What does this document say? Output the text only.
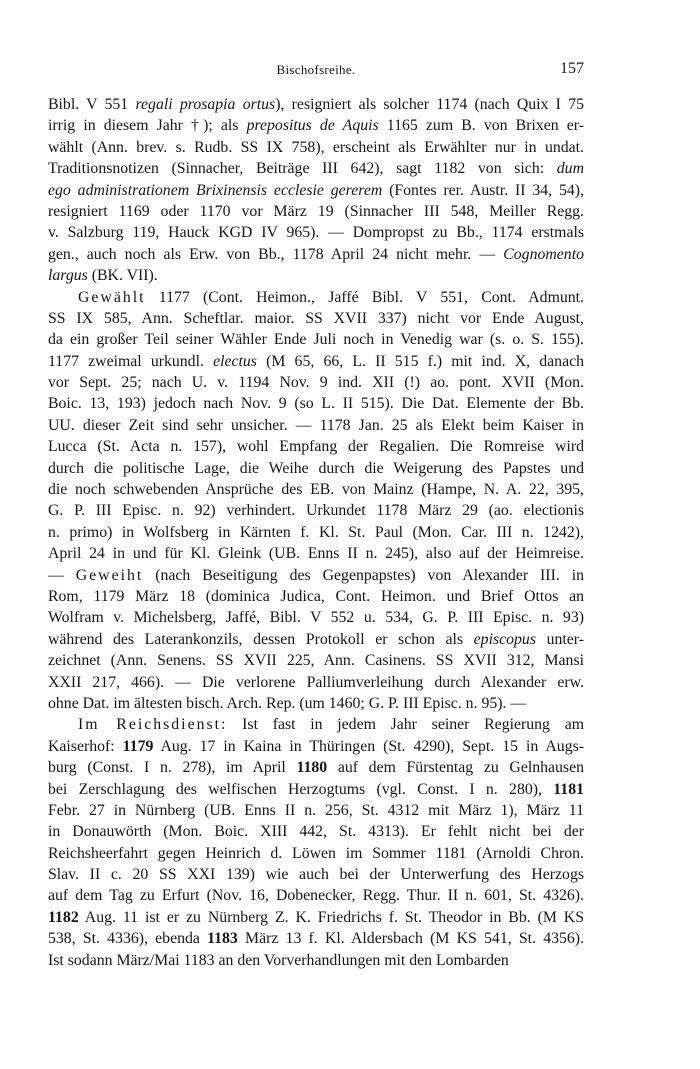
Bischofsreihe.	157
Bibl. V 551 regali prosapia ortus), resigniert als solcher 1174 (nach Quix I 75
irrig in diesem Jahr †); als prepositus de Aquis 1165 zum B. von Brixen er-
wählt (Ann. brev. s. Rudb. SS IX 758), erscheint als Erwählter nur in undat.
Traditionsnotizen (Sinnacher, Beiträge III 642), sagt 1182 von sich: dum
ego administrationem Brixinensis ecclesie gererem (Fontes rer. Austr. II 34, 54),
resigniert 1169 oder 1170 vor März 19 (Sinnacher III 548, Meiller Regg.
v. Salzburg 119, Hauck KGD IV 965). — Dompropst zu Bb., 1174 erstmals
gen., auch noch als Erw. von Bb., 1178 April 24 nicht mehr. — Cognomento
largus (BK. VII).
Gewählt 1177 (Cont. Heimon., Jaffé Bibl. V 551, Cont. Admunt.
SS IX 585, Ann. Scheftlar. maior. SS XVII 337) nicht vor Ende August,
da ein großer Teil seiner Wähler Ende Juli noch in Venedig war (s. o. S. 155).
1177 zweimal urkundl. electus (M 65, 66, L. II 515 f.) mit ind. X, danach
vor Sept. 25; nach U. v. 1194 Nov. 9 ind. XII (!) ao. pont. XVII (Mon.
Boic. 13, 193) jedoch nach Nov. 9 (so L. II 515). Die Dat. Elemente der Bb.
UU. dieser Zeit sind sehr unsicher. — 1178 Jan. 25 als Elekt beim Kaiser in
Lucca (St. Acta n. 157), wohl Empfang der Regalien. Die Romreise wird
durch die politische Lage, die Weihe durch die Weigerung des Papstes und
die noch schwebenden Ansprüche des EB. von Mainz (Hampe, N. A. 22, 395,
G. P. III Episc. n. 92) verhindert. Urkundet 1178 März 29 (ao. electionis
n. primo) in Wolfsberg in Kärnten f. Kl. St. Paul (Mon. Car. III n. 1242),
April 24 in und für Kl. Gleink (UB. Enns II n. 245), also auf der Heimreise.
— Geweiht (nach Beseitigung des Gegenpapstes) von Alexander III. in
Rom, 1179 März 18 (dominica Judica, Cont. Heimon. und Brief Ottos an
Wolfram v. Michelsberg, Jaffé, Bibl. V 552 u. 534, G. P. III Episc. n. 93)
während des Laterankonzils, dessen Protokoll er schon als episcopus unter-
zeichnet (Ann. Senens. SS XVII 225, Ann. Casinens. SS XVII 312, Mansi
XXII 217, 466). — Die verlorene Palliumverleihung durch Alexander erw.
ohne Dat. im ältesten bisch. Arch. Rep. (um 1460; G. P. III Episc. n. 95). —
Im Reichsdienst: Ist fast in jedem Jahr seiner Regierung am
Kaiserhof: 1179 Aug. 17 in Kaina in Thüringen (St. 4290), Sept. 15 in Augs-
burg (Const. I n. 278), im April 1180 auf dem Fürstentag zu Gelnhausen
bei Zerschlagung des welfischen Herzogtums (vgl. Const. I n. 280), 1181
Febr. 27 in Nürnberg (UB. Enns II n. 256, St. 4312 mit März 1), März 11
in Donauwörth (Mon. Boic. XIII 442, St. 4313). Er fehlt nicht bei der
Reichsheerfahrt gegen Heinrich d. Löwen im Sommer 1181 (Arnoldi Chron.
Slav. II c. 20 SS XXI 139) wie auch bei der Unterwerfung des Herzogs
auf dem Tag zu Erfurt (Nov. 16, Dobenecker, Regg. Thur. II n. 601, St. 4326).
1182 Aug. 11 ist er zu Nürnberg Z. K. Friedrichs f. St. Theodor in Bb. (M KS
538, St. 4336), ebenda 1183 März 13 f. Kl. Aldersbach (M KS 541, St. 4356).
Ist sodann März/Mai 1183 an den Vorverhandlungen mit den Lombarden
